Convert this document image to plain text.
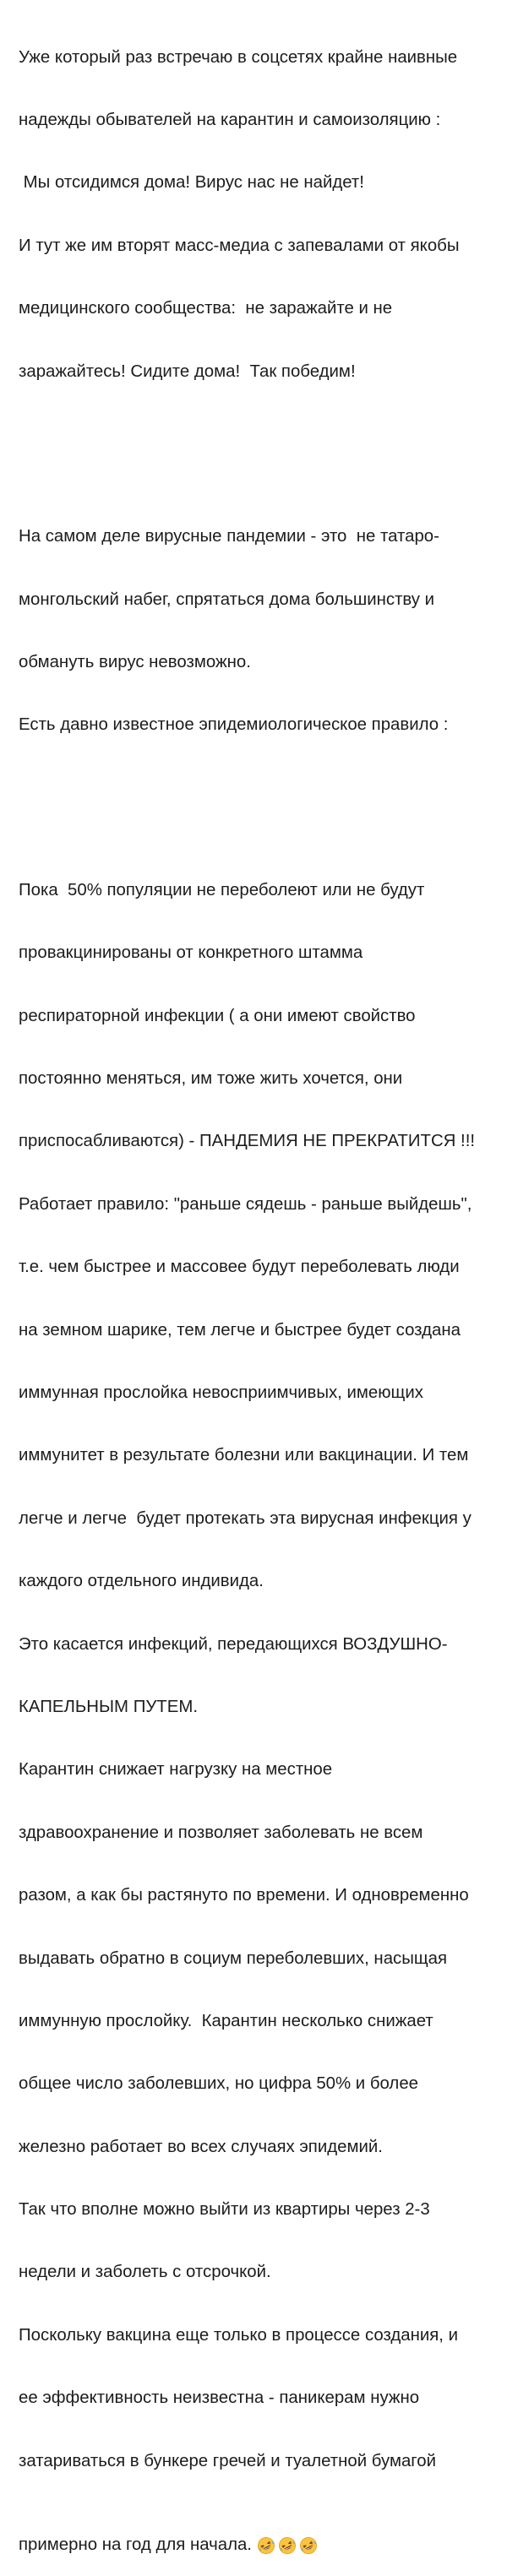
Уже который раз встречаю в соцсетях крайне наивные

надежды обывателей на карантин и самоизоляцию :

Мы отсидимся дома! Вирус нас не найдет!

И тут же им вторят масс-медиа с запевалами от якобы

медицинского сообщества:  не заражайте и не

заражайтесь! Сидите дома!  Так победим!

На самом деле вирусные пандемии - это  не татаро-

монгольский набег, спрятаться дома большинству и

обмануть вирус невозможно.

Есть давно известное эпидемиологическое правило :

Пока  50% популяции не переболеют или не будут

провакцинированы от конкретного штамма

респираторной инфекции ( а они имеют свойство

постоянно меняться, им тоже жить хочется, они

приспосабливаются) - ПАНДЕМИЯ НЕ ПРЕКРАТИТСЯ !!!

Работает правило: "раньше сядешь - раньше выйдешь",

т.е. чем быстрее и массовее будут переболевать люди

на земном шарике, тем легче и быстрее будет создана

иммунная прослойка невосприимчивых, имеющих

иммунитет в результате болезни или вакцинации. И тем

легче и легче  будет протекать эта вирусная инфекция у

каждого отдельного индивида.

Это касается инфекций, передающихся ВОЗДУШНО-

КАПЕЛЬНЫМ ПУТЕМ.

Карантин снижает нагрузку на местное

здравоохранение и позволяет заболевать не всем

разом, а как бы растянуто по времени. И одновременно

выдавать обратно в социум переболевших, насыщая

иммунную прослойку.  Карантин несколько снижает

общее число заболевших, но цифра 50% и более

железно работает во всех случаях эпидемий.

Так что вполне можно выйти из квартиры через 2-3

недели и заболеть с отсрочкой.

Поскольку вакцина еще только в процессе создания, и

ее эффективность неизвестна - паникерам нужно

затариваться в бункере гречей и туалетной бумагой

примерно на год для начала.
